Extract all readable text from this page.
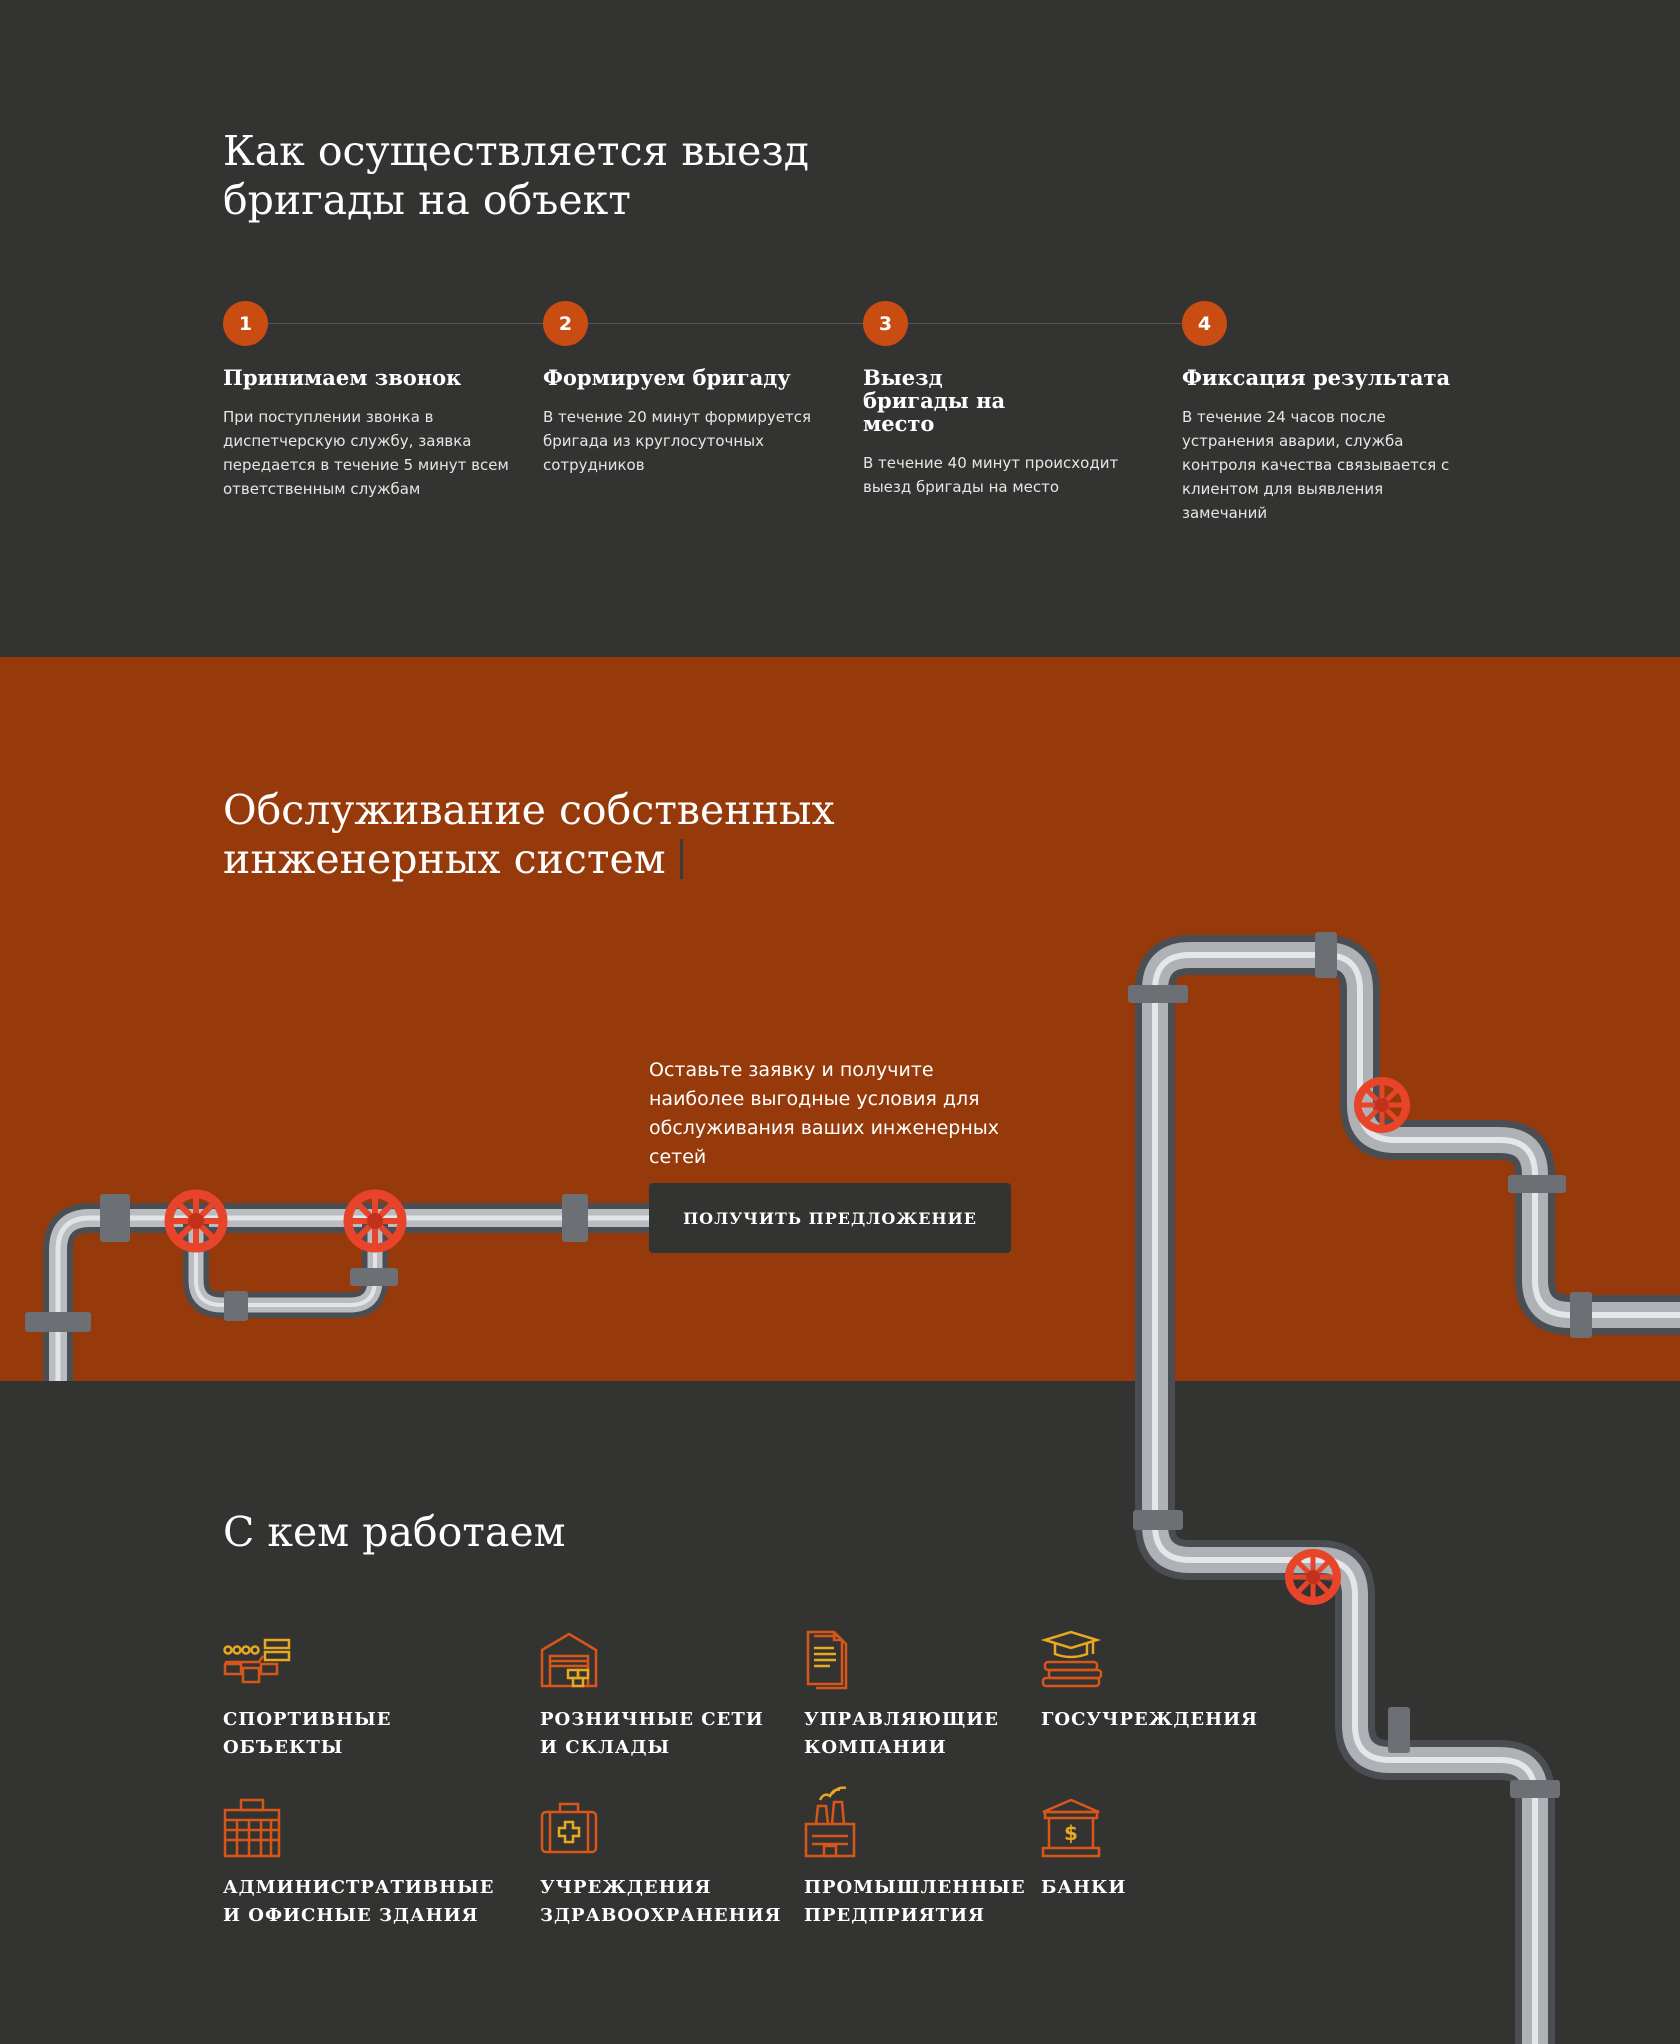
Как осуществляется выезд
бригады на объект
1
Принимаем звонок
При поступлении звонка в диспетчерскую службу, заявка передается в течение 5 минут всем ответственным службам
2
Формируем бригаду
В течение 20 минут формируется бригада из круглосуточных сотрудников
3
Выезд бригады на место
В течение 40 минут происходит выезд бригады на место
4
Фиксация результата
В течение 24 часов после устранения аварии, служба контроля качества связывается с клиентом для выявления замечаний
Обслуживание собственных
инженерных систем
Оставьте заявку и получите наиболее выгодные условия для обслуживания ваших инженерных сетей
ПОЛУЧИТЬ ПРЕДЛОЖЕНИЕ
С кем работаем
СПОРТИВНЫЕ ОБЪЕКТЫ
РОЗНИЧНЫЕ СЕТИ
И СКЛАДЫ
УПРАВЛЯЮЩИЕ
КОМПАНИИ
ГОСУЧРЕЖДЕНИЯ
АДМИНИСТРАТИВНЫЕ
И ОФИСНЫЕ ЗДАНИЯ
УЧРЕЖДЕНИЯ
ЗДРАВООХРАНЕНИЯ
ПРОМЫШЛЕННЫЕ
ПРЕДПРИЯТИЯ
$
БАНКИ
